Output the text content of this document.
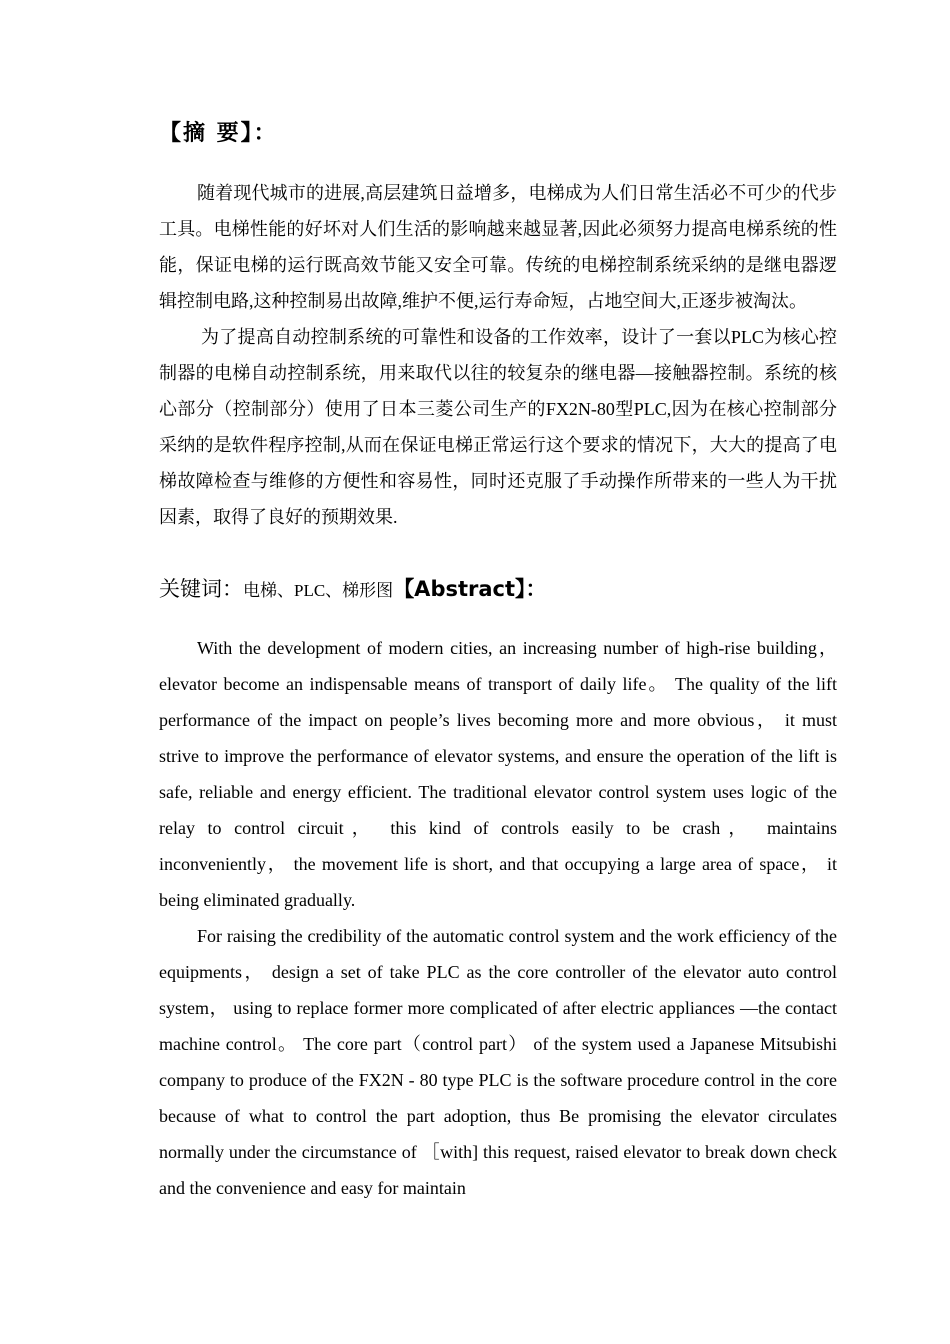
【摘 要】：

随着现代城市的进展,高层建筑日益增多，电梯成为人们日常生活必不可少的代步工具。电梯性能的好坏对人们生活的影响越来越显著,因此必须努力提高电梯系统的性能，保证电梯的运行既高效节能又安全可靠。传统的电梯控制系统采纳的是继电器逻辑控制电路,这种控制易出故障,维护不便,运行寿命短，占地空间大,正逐步被淘汰。

为了提高自动控制系统的可靠性和设备的工作效率，设计了一套以PLC为核心控制器的电梯自动控制系统，用来取代以往的较复杂的继电器—接触器控制。系统的核心部分（控制部分）使用了日本三菱公司生产的FX2N-80型PLC,因为在核心控制部分采纳的是软件程序控制,从而在保证电梯正常运行这个要求的情况下，大大的提高了电梯故障检查与维修的方便性和容易性，同时还克服了手动操作所带来的一些人为干扰因素，取得了良好的预期效果.

关键词：电梯、PLC、梯形图【Abstract】：

With the development of modern cities, an increasing number of high-rise building， elevator become an indispensable means of transport of daily life。 The quality of the lift performance of the impact on people’s lives becoming more and more obvious， it must strive to improve the performance of elevator systems, and ensure the operation of the lift is safe, reliable and energy efficient. The traditional elevator control system uses logic of the relay to control circuit， this kind of controls easily to be crash， maintains inconveniently， the movement life is short, and that occupying a large area of space， it being eliminated gradually.

For raising the credibility of the automatic control system and the work efficiency of the equipments， design a set of take PLC as the core controller of the elevator auto control system， using to replace former more complicated of after electric appliances —the contact machine control。 The core part（control part） of the system used a Japanese Mitsubishi company to produce of the FX2N - 80 type PLC is the software procedure control in the core because of what to control the part adoption, thus Be promising the elevator circulates normally under the circumstance of ［with] this request, raised elevator to break down check and the convenience and easy for maintain
